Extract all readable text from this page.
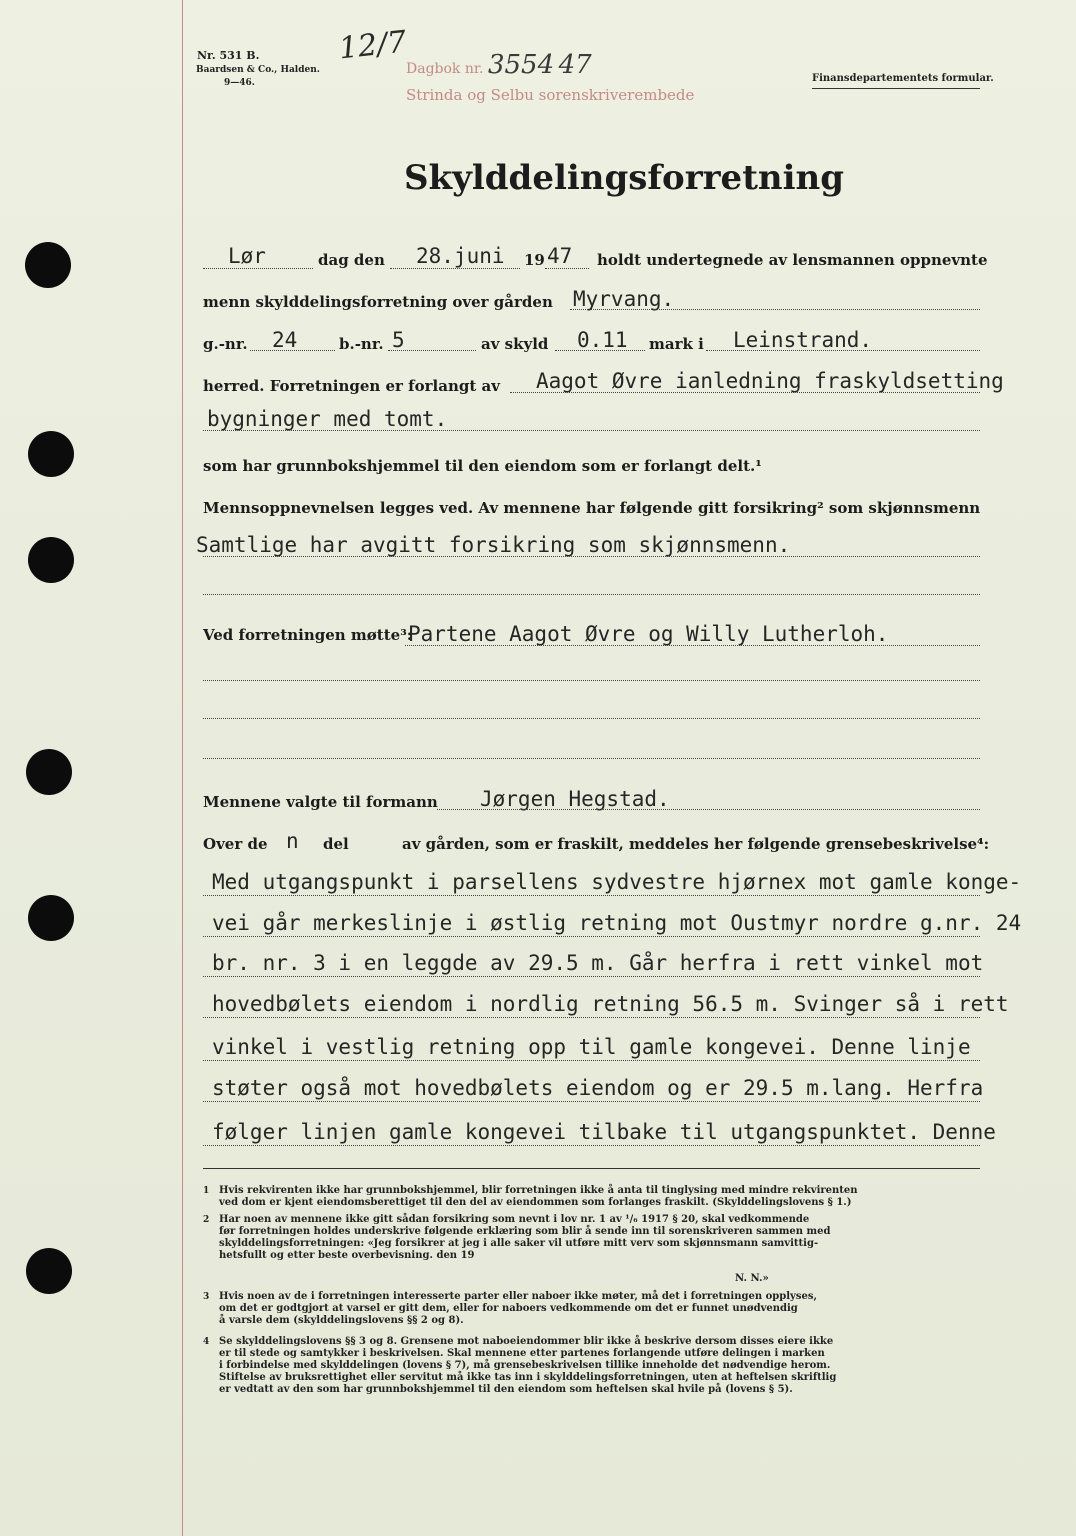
Nr. 531 B.
Baardsen & Co., Halden.
9—46.
12/7
Dagbok nr. 3554 47
Strinda og Selbu sorenskriverembede
Finansdepartementets formular.
Skylddelingsforretning
Lør	dag den 28.juni 19 47 holdt undertegnede av lensmannen oppnevnte
menn skylddelingsforretning over gården Myrvang.
g.-nr. 24	b.-nr. 5	av skyld 0.11 mark i Leinstrand.
herred. Forretningen er forlangt av Aagot Øvre ianledning fraskyldsetting
bygninger med tomt.
som har grunnbokshjemmel til den eiendom som er forlangt delt.¹
Mennsoppnevnelsen legges ved. Av mennene har følgende gitt forsikring² som skjønnsmenn
Samtlige har avgitt forsikring som skjønnsmenn.
Ved forretningen møtte³:
Partene Aagot Øvre og Willy Lutherloh.
Mennene valgte til formann Jørgen Hegstad.
Over de n del	av gården, som er fraskilt, meddeles her følgende grensebeskrivelse⁴:
Med utgangspunkt i parsellens sydvestre hjørnex mot gamle konge-
vei går merkeslinje i østlig retning mot Oustmyr nordre g.nr. 24
br. nr. 3 i en leggde av 29.5 m. Går herfra i rett vinkel mot
hovedbølets eiendom i nordlig retning 56.5 m. Svinger så i rett
vinkel i vestlig retning opp til gamle kongevei. Denne linje
støter også mot hovedbølets eiendom og er 29.5 m.lang. Herfra
følger linjen gamle kongevei tilbake til utgangspunktet. Denne
1 Hvis rekvirenten ikke har grunnbokshjemmel, blir forretningen ikke å anta til tinglysing med mindre rekvirenten
ved dom er kjent eiendomsberettiget til den del av eiendommen som forlanges fraskilt. (Skylddelingslovens § 1.)
2 Har noen av mennene ikke gitt sådan forsikring som nevnt i lov nr. 1 av ¹/₆ 1917 § 20, skal vedkommende
før forretningen holdes underskrive følgende erklæring som blir å sende inn til sorenskriveren sammen med
skylddelingsforretningen: «Jeg forsikrer at jeg i alle saker vil utføre mitt verv som skjønnsmann samvittig-
hetsfullt og etter beste overbevisning. den 19
N. N.»
3 Hvis noen av de i forretningen interesserte parter eller naboer ikke møter, må det i forretningen opplyses,
om det er godtgjort at varsel er gitt dem, eller for naboers vedkommende om det er funnet unødvendig
å varsle dem (skylddelingslovens §§ 2 og 8).
4 Se skylddelingslovens §§ 3 og 8. Grensene mot naboeiendommer blir ikke å beskrive dersom disses eiere ikke
er til stede og samtykker i beskrivelsen. Skal mennene etter partenes forlangende utføre delingen i marken
i forbindelse med skylddelingen (lovens § 7), må grensebeskrivelsen tillike inneholde det nødvendige herom.
Stiftelse av bruksrettighet eller servitut må ikke tas inn i skylddelingsforretningen, uten at heftelsen skriftlig
er vedtatt av den som har grunnbokshjemmel til den eiendom som heftelsen skal hvile på (lovens § 5).
